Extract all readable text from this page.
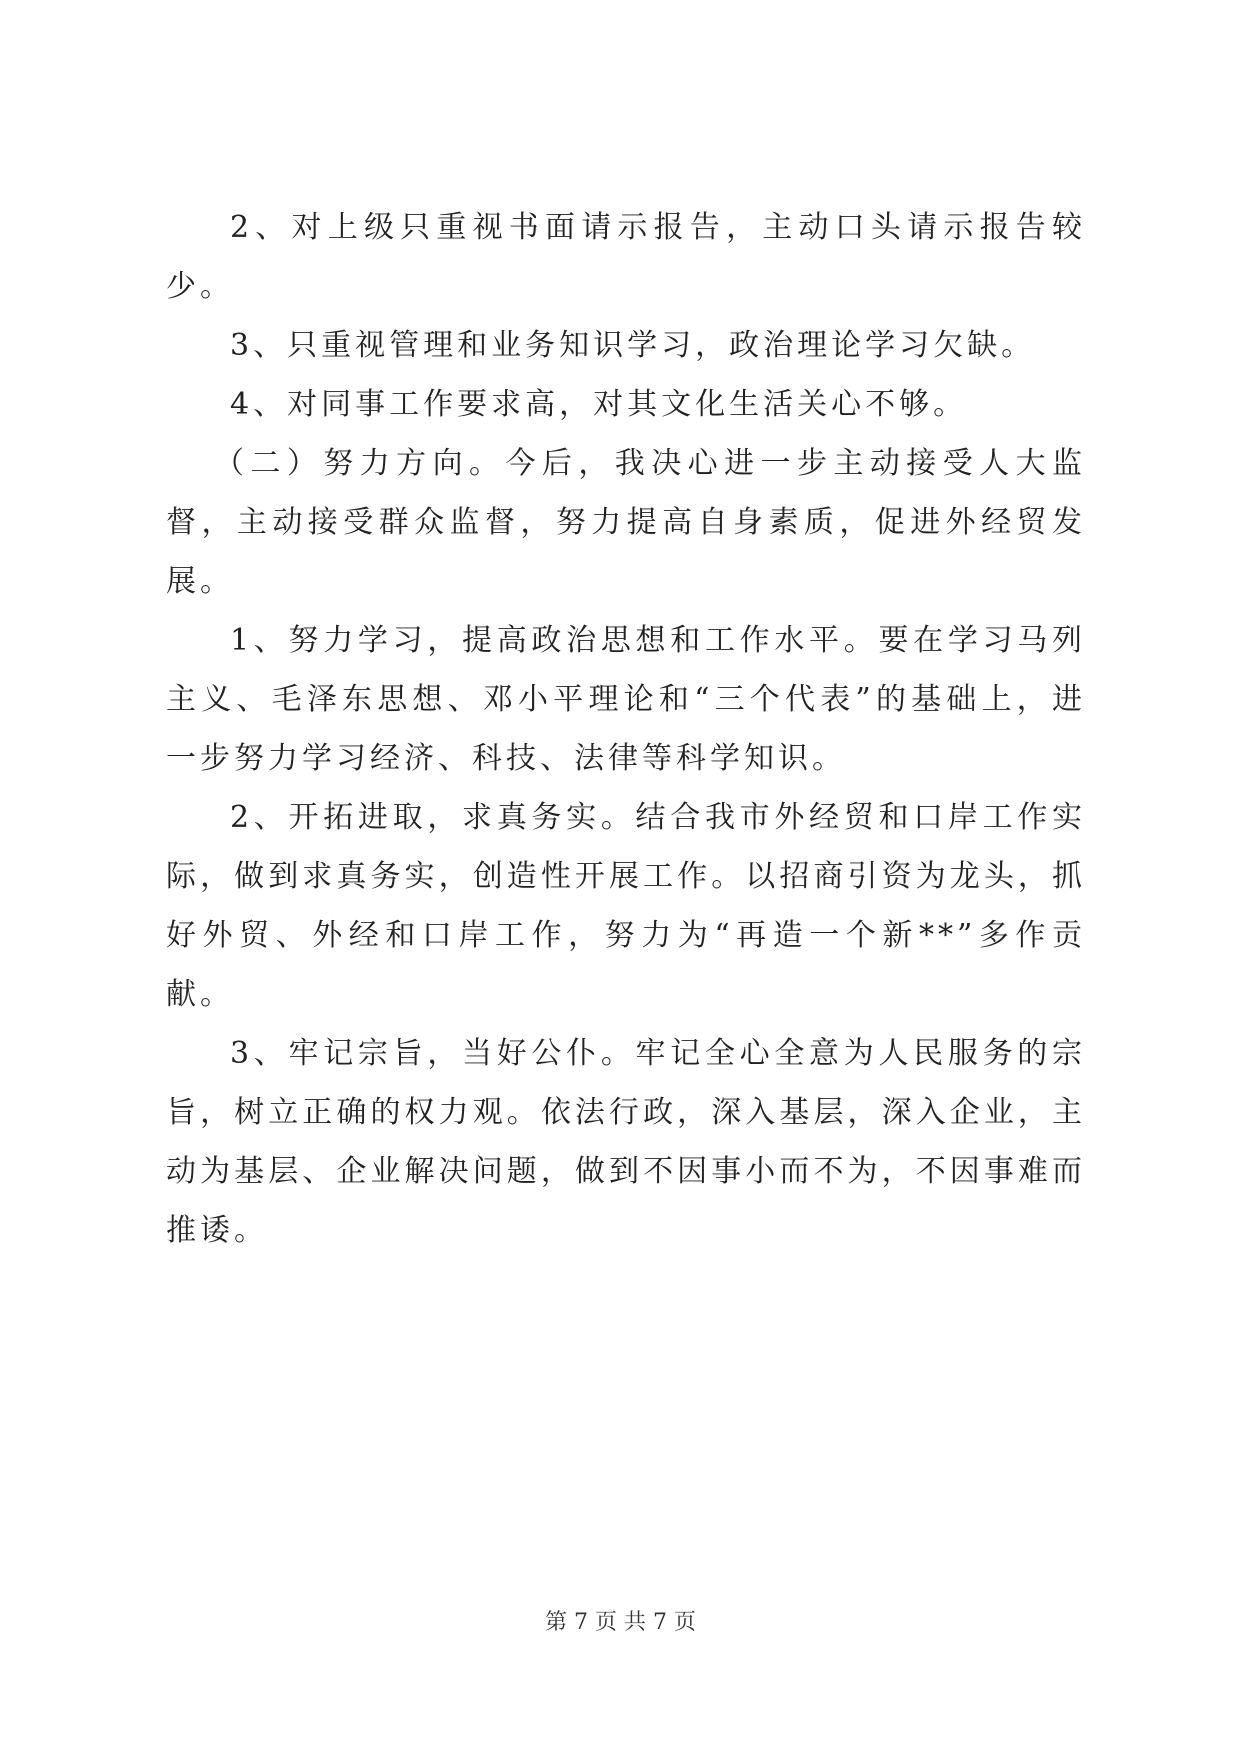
2、对上级只重视书面请示报告，主动口头请示报告较少。

3、只重视管理和业务知识学习，政治理论学习欠缺。

4、对同事工作要求高，对其文化生活关心不够。

（二）努力方向。今后，我决心进一步主动接受人大监督，主动接受群众监督，努力提高自身素质，促进外经贸发展。

1、努力学习，提高政治思想和工作水平。要在学习马列主义、毛泽东思想、邓小平理论和“三个代表”的基础上，进一步努力学习经济、科技、法律等科学知识。

2、开拓进取，求真务实。结合我市外经贸和口岸工作实际，做到求真务实，创造性开展工作。以招商引资为龙头，抓好外贸、外经和口岸工作，努力为“再造一个新**”多作贡献。

3、牢记宗旨，当好公仆。牢记全心全意为人民服务的宗旨，树立正确的权力观。依法行政，深入基层，深入企业，主动为基层、企业解决问题，做到不因事小而不为，不因事难而推诿。

第 7 页 共 7 页
